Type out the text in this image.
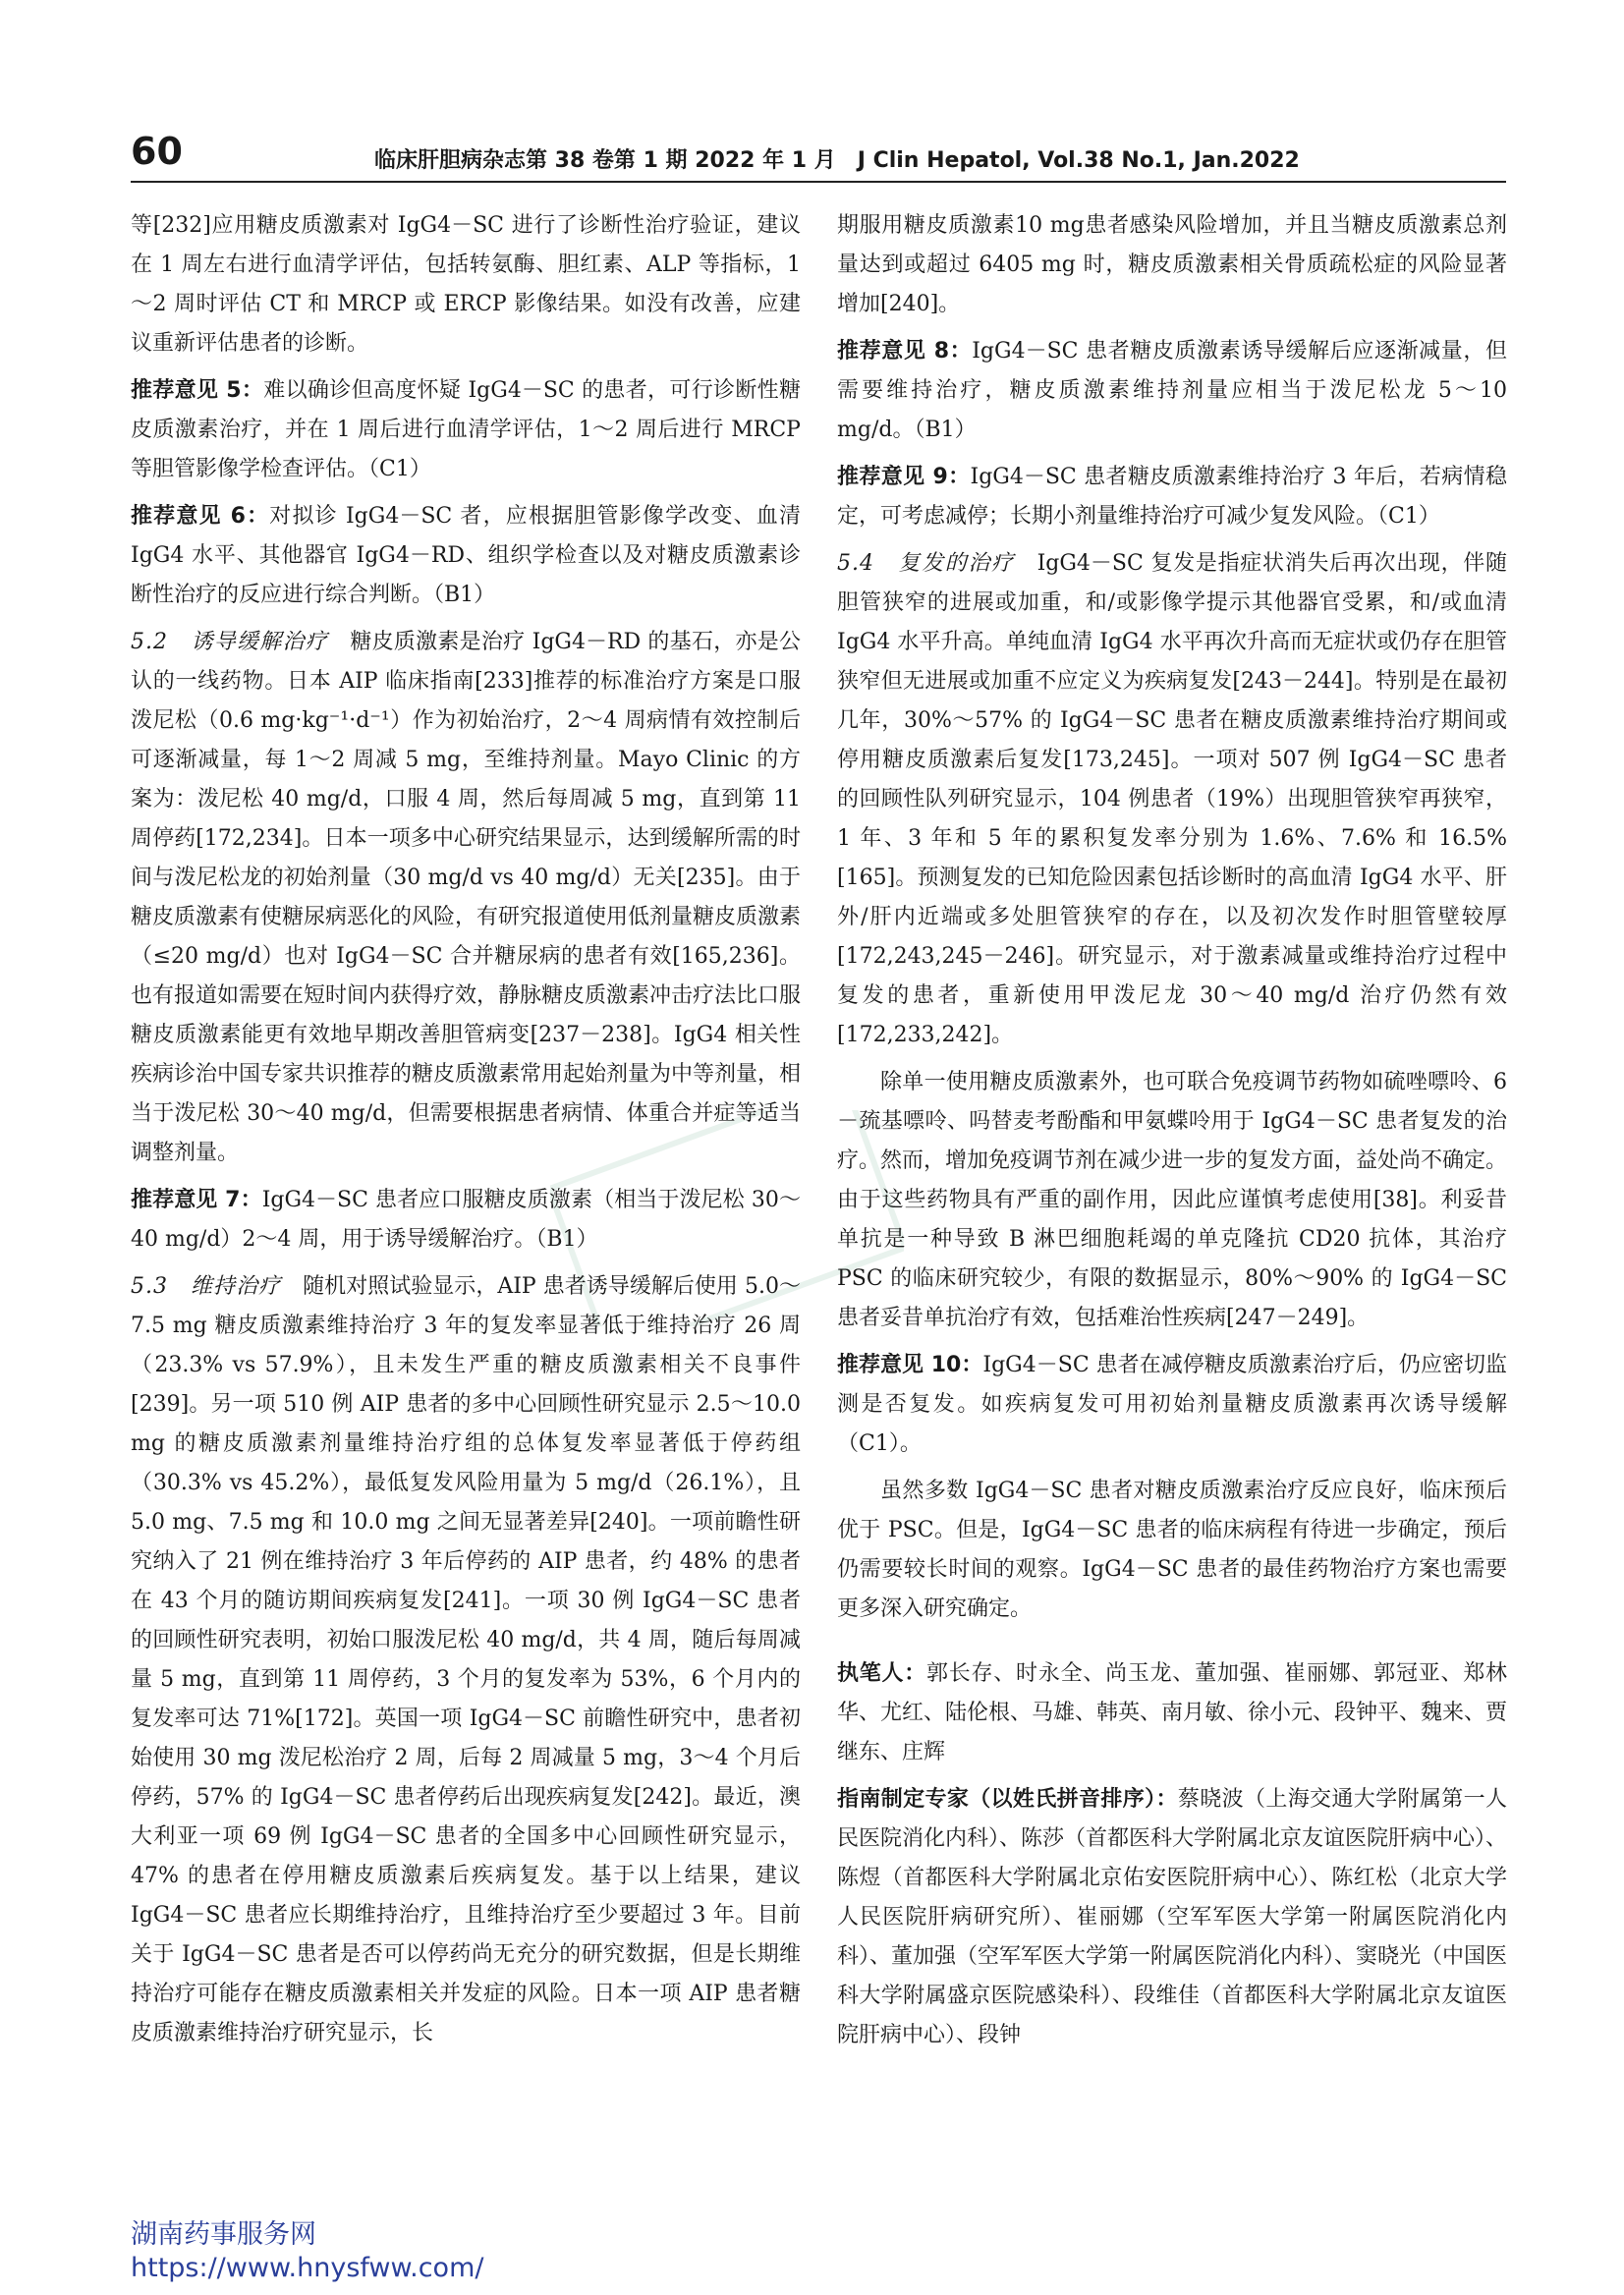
60	临床肝胆病杂志第 38 卷第 1 期 2022 年 1 月　J Clin Hepatol, Vol.38 No.1, Jan.2022

等[232]应用糖皮质激素对 IgG4－SC 进行了诊断性治疗验证，建议在 1 周左右进行血清学评估，包括转氨酶、胆红素、ALP 等指标，1～2 周时评估 CT 和 MRCP 或 ERCP 影像结果。如没有改善，应建议重新评估患者的诊断。

推荐意见 5：难以确诊但高度怀疑 IgG4－SC 的患者，可行诊断性糖皮质激素治疗，并在 1 周后进行血清学评估，1～2 周后进行 MRCP 等胆管影像学检查评估。（C1）

推荐意见 6：对拟诊 IgG4－SC 者，应根据胆管影像学改变、血清 IgG4 水平、其他器官 IgG4－RD、组织学检查以及对糖皮质激素诊断性治疗的反应进行综合判断。（B1）

5.2　诱导缓解治疗　糖皮质激素是治疗 IgG4－RD 的基石，亦是公认的一线药物。日本 AIP 临床指南[233]推荐的标准治疗方案是口服泼尼松（0.6 mg·kg⁻¹·d⁻¹）作为初始治疗，2～4 周病情有效控制后可逐渐减量，每 1～2 周减 5 mg，至维持剂量。Mayo Clinic 的方案为：泼尼松 40 mg/d，口服 4 周，然后每周减 5 mg，直到第 11 周停药[172,234]。日本一项多中心研究结果显示，达到缓解所需的时间与泼尼松龙的初始剂量（30 mg/d vs 40 mg/d）无关[235]。由于糖皮质激素有使糖尿病恶化的风险，有研究报道使用低剂量糖皮质激素（≤20 mg/d）也对 IgG4－SC 合并糖尿病的患者有效[165,236]。也有报道如需要在短时间内获得疗效，静脉糖皮质激素冲击疗法比口服糖皮质激素能更有效地早期改善胆管病变[237－238]。IgG4 相关性疾病诊治中国专家共识推荐的糖皮质激素常用起始剂量为中等剂量，相当于泼尼松 30～40 mg/d，但需要根据患者病情、体重合并症等适当调整剂量。

推荐意见 7：IgG4－SC 患者应口服糖皮质激素（相当于泼尼松 30～40 mg/d）2～4 周，用于诱导缓解治疗。（B1）

5.3　维持治疗　随机对照试验显示，AIP 患者诱导缓解后使用 5.0～7.5 mg 糖皮质激素维持治疗 3 年的复发率显著低于维持治疗 26 周（23.3% vs 57.9%），且未发生严重的糖皮质激素相关不良事件[239]。另一项 510 例 AIP 患者的多中心回顾性研究显示 2.5～10.0 mg 的糖皮质激素剂量维持治疗组的总体复发率显著低于停药组（30.3% vs 45.2%），最低复发风险用量为 5 mg/d（26.1%），且 5.0 mg、7.5 mg 和 10.0 mg 之间无显著差异[240]。一项前瞻性研究纳入了 21 例在维持治疗 3 年后停药的 AIP 患者，约 48% 的患者在 43 个月的随访期间疾病复发[241]。一项 30 例 IgG4－SC 患者的回顾性研究表明，初始口服泼尼松 40 mg/d，共 4 周，随后每周减量 5 mg，直到第 11 周停药，3 个月的复发率为 53%，6 个月内的复发率可达 71%[172]。英国一项 IgG4－SC 前瞻性研究中，患者初始使用 30 mg 泼尼松治疗 2 周，后每 2 周减量 5 mg，3～4 个月后停药，57% 的 IgG4－SC 患者停药后出现疾病复发[242]。最近，澳大利亚一项 69 例 IgG4－SC 患者的全国多中心回顾性研究显示，47% 的患者在停用糖皮质激素后疾病复发。基于以上结果，建议 IgG4－SC 患者应长期维持治疗，且维持治疗至少要超过 3 年。目前关于 IgG4－SC 患者是否可以停药尚无充分的研究数据，但是长期维持治疗可能存在糖皮质激素相关并发症的风险。日本一项 AIP 患者糖皮质激素维持治疗研究显示，长

期服用糖皮质激素10 mg患者感染风险增加，并且当糖皮质激素总剂量达到或超过 6405 mg 时，糖皮质激素相关骨质疏松症的风险显著增加[240]。

推荐意见 8：IgG4－SC 患者糖皮质激素诱导缓解后应逐渐减量，但需要维持治疗，糖皮质激素维持剂量应相当于泼尼松龙 5～10 mg/d。（B1）

推荐意见 9：IgG4－SC 患者糖皮质激素维持治疗 3 年后，若病情稳定，可考虑减停；长期小剂量维持治疗可减少复发风险。（C1）

5.4　复发的治疗　IgG4－SC 复发是指症状消失后再次出现，伴随胆管狭窄的进展或加重，和/或影像学提示其他器官受累，和/或血清 IgG4 水平升高。单纯血清 IgG4 水平再次升高而无症状或仍存在胆管狭窄但无进展或加重不应定义为疾病复发[243－244]。特别是在最初几年，30%～57% 的 IgG4－SC 患者在糖皮质激素维持治疗期间或停用糖皮质激素后复发[173,245]。一项对 507 例 IgG4－SC 患者的回顾性队列研究显示，104 例患者（19%）出现胆管狭窄再狭窄，1 年、3 年和 5 年的累积复发率分别为 1.6%、7.6% 和 16.5%[165]。预测复发的已知危险因素包括诊断时的高血清 IgG4 水平、肝外/肝内近端或多处胆管狭窄的存在，以及初次发作时胆管壁较厚[172,243,245－246]。研究显示，对于激素减量或维持治疗过程中复发的患者，重新使用甲泼尼龙 30～40 mg/d 治疗仍然有效[172,233,242]。

除单一使用糖皮质激素外，也可联合免疫调节药物如硫唑嘌呤、6－巯基嘌呤、吗替麦考酚酯和甲氨蝶呤用于 IgG4－SC 患者复发的治疗。然而，增加免疫调节剂在减少进一步的复发方面，益处尚不确定。由于这些药物具有严重的副作用，因此应谨慎考虑使用[38]。利妥昔单抗是一种导致 B 淋巴细胞耗竭的单克隆抗 CD20 抗体，其治疗 PSC 的临床研究较少，有限的数据显示，80%～90% 的 IgG4－SC 患者妥昔单抗治疗有效，包括难治性疾病[247－249]。

推荐意见 10：IgG4－SC 患者在减停糖皮质激素治疗后，仍应密切监测是否复发。如疾病复发可用初始剂量糖皮质激素再次诱导缓解（C1）。

虽然多数 IgG4－SC 患者对糖皮质激素治疗反应良好，临床预后优于 PSC。但是，IgG4－SC 患者的临床病程有待进一步确定，预后仍需要较长时间的观察。IgG4－SC 患者的最佳药物治疗方案也需要更多深入研究确定。

执笔人：郭长存、时永全、尚玉龙、董加强、崔丽娜、郭冠亚、郑林华、尤红、陆伦根、马雄、韩英、南月敏、徐小元、段钟平、魏来、贾继东、庄辉

指南制定专家（以姓氏拼音排序）：蔡晓波（上海交通大学附属第一人民医院消化内科）、陈莎（首都医科大学附属北京友谊医院肝病中心）、陈煜（首都医科大学附属北京佑安医院肝病中心）、陈红松（北京大学人民医院肝病研究所）、崔丽娜（空军军医大学第一附属医院消化内科）、董加强（空军军医大学第一附属医院消化内科）、窦晓光（中国医科大学附属盛京医院感染科）、段维佳（首都医科大学附属北京友谊医院肝病中心）、段钟

湖南药事服务网
https://www.hnysfww.com/
